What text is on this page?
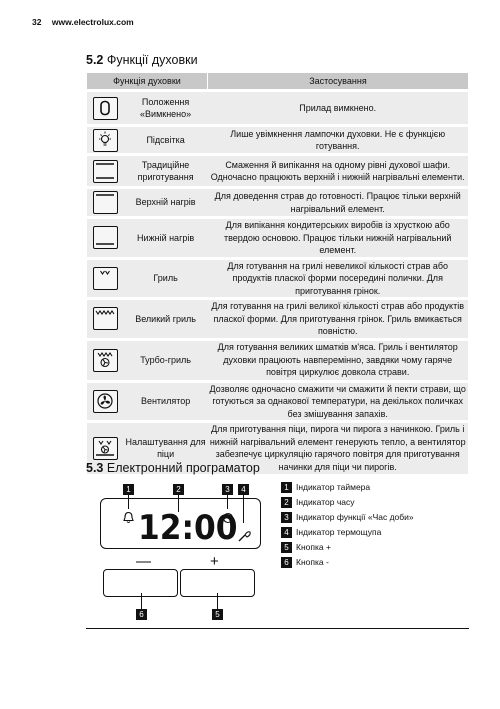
32 www.electrolux.com
5.2 Функції духовки
Функція духовки		Застосування

	Положення «Вимкнено»	Прилад вимкнено.

	Підсвітка	Лише увімкнення лампочки духовки. Не є функцією готування.

	Традиційне приготування	Смаження й випікання на одному рівні духової шафи. Одночасно працюють верхній і нижній нагрівальні елементи.

	Верхній нагрів	Для доведення страв до готовності. Працює тільки верхній нагрівальний елемент.

	Нижній нагрів	Для випікання кондитерських виробів із хрусткою або твердою основою. Працює тільки нижній нагрівальний елемент.

	Гриль	Для готування на грилі невеликої кількості страв або продуктів пласкої форми посередині полички. Для приготування грінок.

	Великий гриль	Для готування на грилі великої кількості страв або продуктів пласкої форми. Для приготування грінок. Гриль вмикається повністю.

	Турбо-гриль	Для готування великих шматків м'яса. Гриль і вентилятор духовки працюють навперемінно, завдяки чому гаряче повітря циркулює довкола страви.

	Вентилятор	Дозволяє одночасно смажити чи смажити й пекти страви, що готуються за однакової температури, на декількох поличках без змішування запахів.

	Налаштування для піци	Для приготування піци, пирога чи пирога з начинкою. Гриль і нижній нагрівальний елемент генерують тепло, а вентилятор забезпечує циркуляцію гарячого повітря для приготування начинки для піци чи пирогів.
5.3 Електронний програматор
1	2	3	4
12:00
—	+
6	5
1 Індикатор таймера
2 Індикатор часу
3 Індикатор функції «Час доби»
4 Індикатор термощупа
5 Кнопка +
6 Кнопка -
